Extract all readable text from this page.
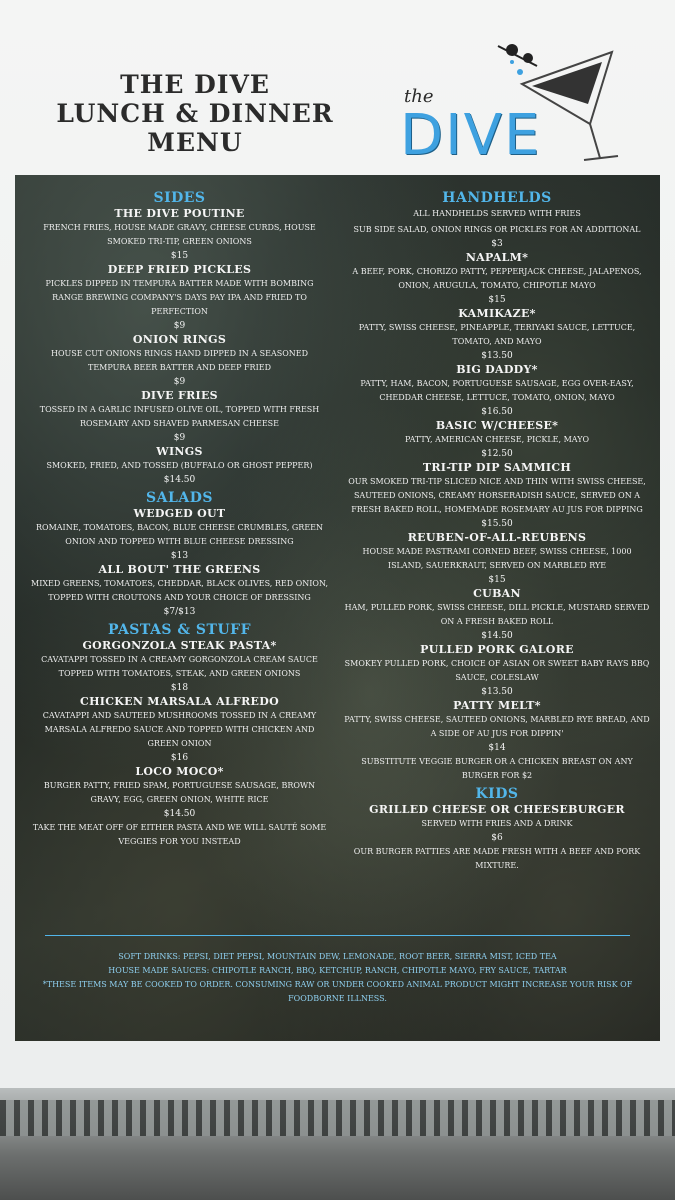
THE DIVE
LUNCH & DINNER
MENU
the
DIVE
SIDES
THE DIVE POUTINE
FRENCH FRIES, HOUSE MADE GRAVY, CHEESE CURDS, HOUSE SMOKED TRI-TIP, GREEN ONIONS
$15
DEEP FRIED PICKLES
PICKLES DIPPED IN TEMPURA BATTER MADE WITH BOMBING RANGE BREWING COMPANY'S DAYS PAY IPA AND FRIED TO PERFECTION
$9
ONION RINGS
HOUSE CUT ONIONS RINGS HAND DIPPED IN A SEASONED TEMPURA BEER BATTER AND DEEP FRIED
$9
DIVE FRIES
TOSSED IN A GARLIC INFUSED OLIVE OIL, TOPPED WITH FRESH ROSEMARY AND SHAVED PARMESAN CHEESE
$9
WINGS
SMOKED, FRIED, AND TOSSED (BUFFALO OR GHOST PEPPER)
$14.50
SALADS
WEDGED OUT
ROMAINE, TOMATOES, BACON, BLUE CHEESE CRUMBLES, GREEN ONION AND TOPPED WITH BLUE CHEESE DRESSING
$13
ALL BOUT' THE GREENS
MIXED GREENS, TOMATOES, CHEDDAR, BLACK OLIVES, RED ONION, TOPPED WITH CROUTONS AND YOUR CHOICE OF DRESSING
$7/$13
PASTAS & STUFF
GORGONZOLA STEAK PASTA*
CAVATAPPI TOSSED IN A CREAMY GORGONZOLA CREAM SAUCE TOPPED WITH TOMATOES, STEAK, AND GREEN ONIONS
$18
CHICKEN MARSALA ALFREDO
CAVATAPPI AND SAUTEED MUSHROOMS TOSSED IN A CREAMY MARSALA ALFREDO SAUCE AND TOPPED WITH CHICKEN AND GREEN ONION
$16
LOCO MOCO*
BURGER PATTY, FRIED SPAM, PORTUGUESE SAUSAGE, BROWN GRAVY, EGG, GREEN ONION, WHITE RICE
$14.50
TAKE THE MEAT OFF OF EITHER PASTA AND WE WILL SAUTÉ SOME VEGGIES FOR YOU INSTEAD
HANDHELDS
ALL HANDHELDS SERVED WITH FRIES
SUB SIDE SALAD, ONION RINGS OR PICKLES FOR AN ADDITIONAL
$3
NAPALM*
A BEEF, PORK, CHORIZO PATTY, PEPPERJACK CHEESE, JALAPENOS, ONION, ARUGULA, TOMATO, CHIPOTLE MAYO
$15
KAMIKAZE*
PATTY, SWISS CHEESE, PINEAPPLE, TERIYAKI SAUCE, LETTUCE, TOMATO, AND MAYO
$13.50
BIG DADDY*
PATTY, HAM, BACON, PORTUGUESE SAUSAGE, EGG OVER-EASY, CHEDDAR CHEESE, LETTUCE, TOMATO, ONION, MAYO
$16.50
BASIC W/CHEESE*
PATTY, AMERICAN CHEESE, PICKLE, MAYO
$12.50
TRI-TIP DIP SAMMICH
OUR SMOKED TRI-TIP SLICED NICE AND THIN WITH SWISS CHEESE, SAUTEED ONIONS, CREAMY HORSERADISH SAUCE, SERVED ON A FRESH BAKED ROLL, HOMEMADE ROSEMARY AU JUS FOR DIPPING
$15.50
REUBEN-OF-ALL-REUBENS
HOUSE MADE PASTRAMI CORNED BEEF, SWISS CHEESE, 1000 ISLAND, SAUERKRAUT, SERVED ON MARBLED RYE
$15
CUBAN
HAM, PULLED PORK, SWISS CHEESE, DILL PICKLE, MUSTARD SERVED ON A FRESH BAKED ROLL
$14.50
PULLED PORK GALORE
SMOKEY PULLED PORK, CHOICE OF ASIAN OR SWEET BABY RAYS BBQ SAUCE, COLESLAW
$13.50
PATTY MELT*
PATTY, SWISS CHEESE, SAUTEED ONIONS, MARBLED RYE BREAD, AND A SIDE OF AU JUS FOR DIPPIN'
$14
SUBSTITUTE VEGGIE BURGER OR A CHICKEN BREAST ON ANY BURGER FOR $2
KIDS
GRILLED CHEESE OR CHEESEBURGER
SERVED WITH FRIES AND A DRINK
$6
OUR BURGER PATTIES ARE MADE FRESH WITH A BEEF AND PORK MIXTURE.
SOFT DRINKS: PEPSI, DIET PEPSI, MOUNTAIN DEW, LEMONADE, ROOT BEER, SIERRA MIST, ICED TEA
HOUSE MADE SAUCES: CHIPOTLE RANCH, BBQ, KETCHUP, RANCH, CHIPOTLE MAYO, FRY SAUCE, TARTAR
*THESE ITEMS MAY BE COOKED TO ORDER. CONSUMING RAW OR UNDER COOKED ANIMAL PRODUCT MIGHT INCREASE YOUR RISK OF FOODBORNE ILLNESS.
